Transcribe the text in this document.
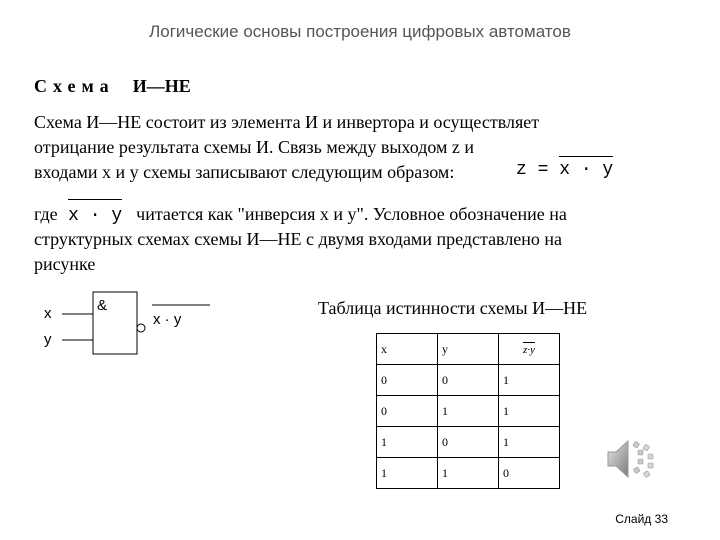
Логические основы построения цифровых автоматов
Схема И—НЕ
Схема И—НЕ состоит из элемента И и инвертора и осуществляет
отрицание результата схемы И. Связь между выходом z и
входами x и y схемы записывают следующим образом:	z =
x · y
где x · y читается как "инверсия x и y". Условное обозначение на
структурных схемах схемы И—НЕ с двумя входами представлено на
рисунке
x
y
&
x · y
Таблица истинности схемы И—НЕ
x	y	z·y
0	0	1
0	1	1
1	0	1
1	1	0
Слайд 33
